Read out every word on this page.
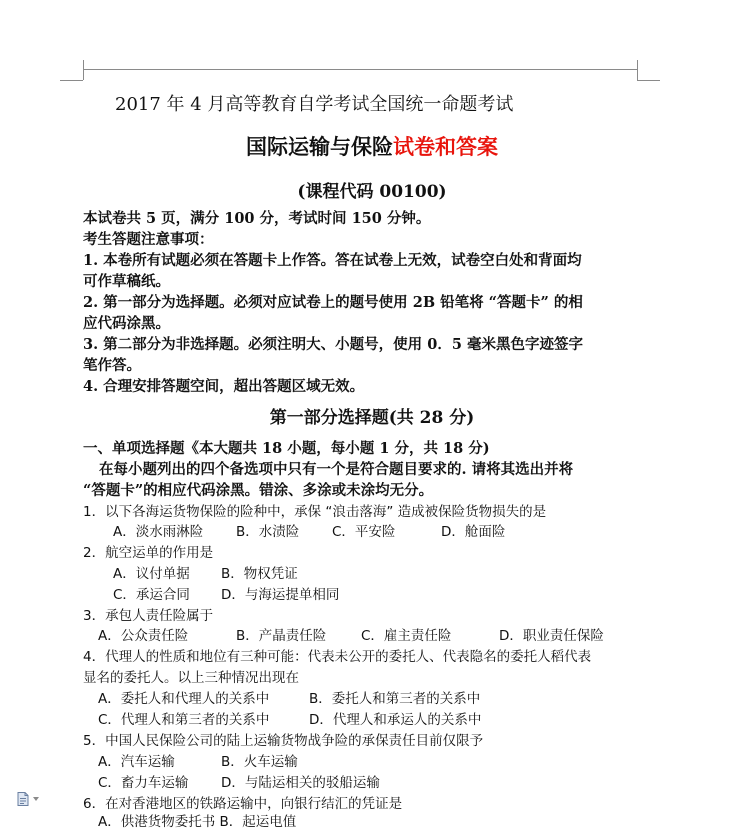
2017 年 4 月高等教育自学考试全国统一命题考试
国际运输与保险试卷和答案
(课程代码 00100)
本试卷共 5 页，满分 100 分，考试时间 150 分钟。
考生答题注意事项：
1. 本卷所有试题必须在答题卡上作答。答在试卷上无效，试卷空白处和背面均
可作草稿纸。
2. 第一部分为选择题。必须对应试卷上的题号使用 2B 铅笔将 “答题卡” 的相
应代码涂黑。
3. 第二部分为非选择题。必须注明大、小题号，使用 0．5 毫米黑色字迹签字
笔作答。
4. 合理安排答题空间，超出答题区域无效。
第一部分选择题(共 28 分)
一、单项选择题《本大题共 18 小题，每小题 1 分，共 18 分)
在每小题列出的四个备选项中只有一个是符合题目要求的. 请将其选出并将
“答题卡”的相应代码涂黑。错涂、多涂或未涂均无分。
1．以下各海运货物保险的险种中，承保 “浪击落海” 造成被保险货物损失的是
A．淡水雨淋险 B．水渍险 C．平安险	D．舱面险
2．航空运单的作用是
A．议付单据 B．物权凭证
C．承运合同 D．与海运提单相同
3．承包人责任险属于
A．公众责任险	B．产晶责任险	C．雇主责任险	D．职业责任保险
4．代理人的性质和地位有三种可能：代表未公开的委托人、代表隐名的委托人稻代表
显名的委托人。以上三种情况出现在
A．委托人和代理人的关系中	B．委托人和第三者的关系中
C．代理人和第三者的关系中	D．代理人和承运人的关系中
5．中国人民保险公司的陆上运输货物战争险的承保责任目前仅限予
A．汽车运输	B．火车运输
C．畜力车运输 D．与陆运相关的驳船运输
6．在对香港地区的铁路运输中，向银行结汇的凭证是
A．供港货物委托书 B．起运电值
